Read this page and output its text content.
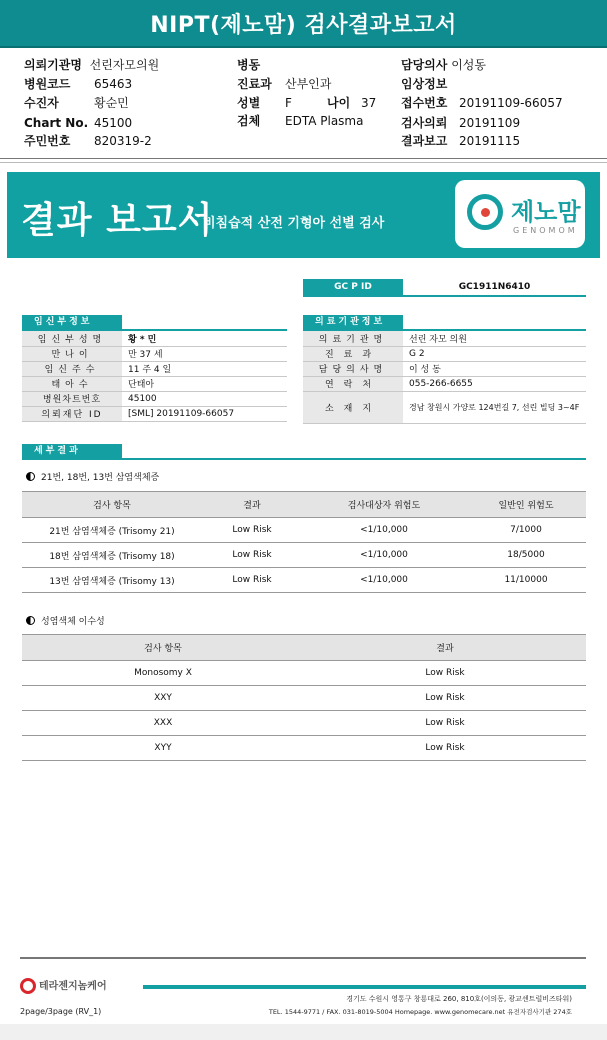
NIPT(제노맘) 검사결과보고서
의뢰기관명 선린자모의원
병원코드 65463
수진자	황순민
Chart No. 45100
주민번호 820319-2
병동
진료과 산부인과
성별 F	나이 37
검체 EDTA Plasma
담당의사 이성동
임상정보
접수번호 20191109-66057
검사의뢰 20191109
결과보고 20191115
결과 보고서
비침습적 산전 기형아 선별 검사	제노맘
GENOMOM
GC P ID	GC1911N6410
임신부정보
임신부성명	황 * 민
만나이	만 37 세
임신주수	11 주 4 일
태아수	단태아
병원차트번호	45100
의뢰재단 ID	[SML] 20191109-66057
의료기관정보
의료기관명	선린 자모 의원
진료과	G 2
담당의사명	이 성 동
연락처	055-266-6655
소재지	경남 창원시 가양로 124번길 7, 선린 빌딩 3~4F
세부결과
21번, 18번, 13번 삼염색체증
검사 항목	결과	검사대상자 위험도	일반인 위험도
21번 삼염색체증 (Trisomy 21)	Low Risk	<1/10,000	7/1000
18번 삼염색체증 (Trisomy 18)	Low Risk	<1/10,000	18/5000
13번 삼염색체증 (Trisomy 13)	Low Risk	<1/10,000	11/10000
성염색체 이수성
검사 항목	결과
Monosomy X	Low Risk
XXY	Low Risk
XXX	Low Risk
XYY	Low Risk
테라젠지놈케어
경기도 수원시 영통구 창룡대로 260, 810호(이의동, 광교센트럴비즈타워)
TEL. 1544-9771 / FAX. 031-8019-5004 Homepage. www.genomecare.net 유전자검사기관 274호
2page/3page (RV_1)
